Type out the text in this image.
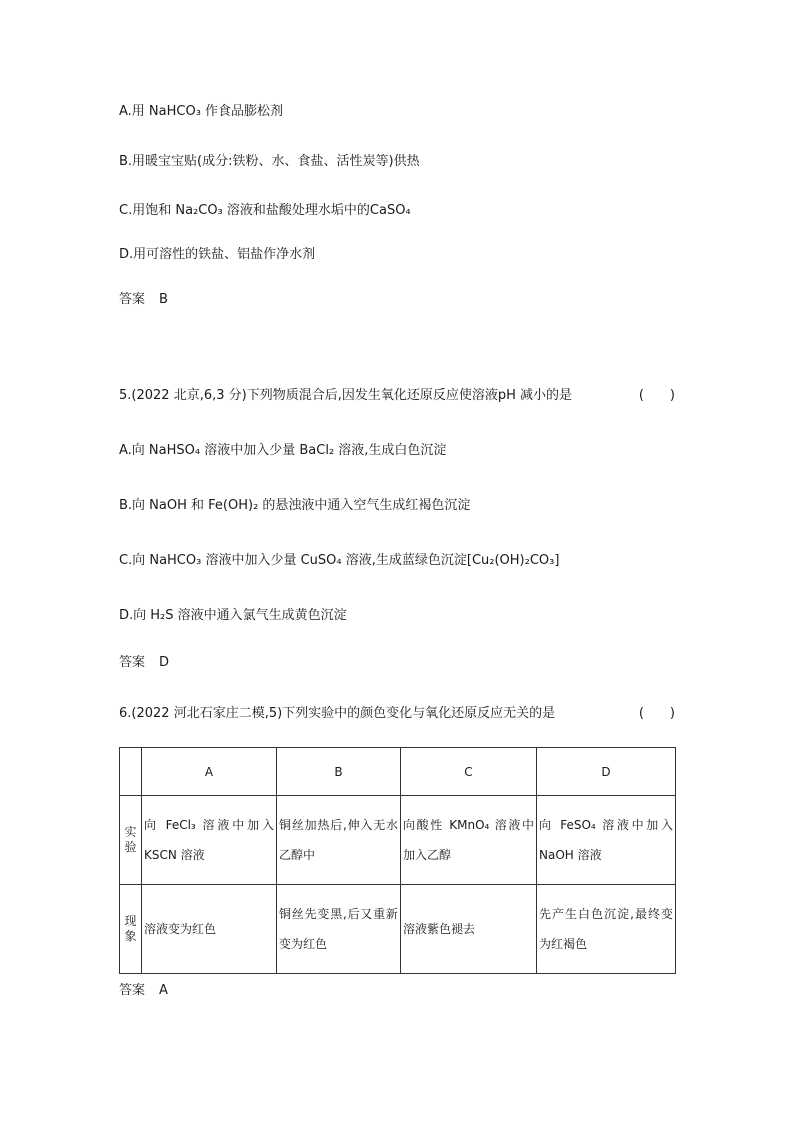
A.用 NaHCO₃ 作食品膨松剂
B.用暖宝宝贴(成分:铁粉、水、食盐、活性炭等)供热
C.用饱和 Na₂CO₃ 溶液和盐酸处理水垢中的CaSO₄
D.用可溶性的铁盐、铝盐作净水剂
答案 B
5.(2022 北京,6,3 分)下列物质混合后,因发生氧化还原反应使溶液pH 减小的是	(　　)
A.向 NaHSO₄ 溶液中加入少量 BaCl₂ 溶液,生成白色沉淀
B.向 NaOH 和 Fe(OH)₂ 的悬浊液中通入空气生成红褐色沉淀
C.向 NaHCO₃ 溶液中加入少量 CuSO₄ 溶液,生成蓝绿色沉淀[Cu₂(OH)₂CO₃]
D.向 H₂S 溶液中通入氯气生成黄色沉淀
答案 D
6.(2022 河北石家庄二模,5)下列实验中的颜色变化与氧化还原反应无关的是	(　　)
	A	B	C	D
实验	向 FeCl₃ 溶液中加入 KSCN 溶液	铜丝加热后,伸入无水乙醇中	向酸性 KMnO₄ 溶液中加入乙醇	向 FeSO₄ 溶液中加入 NaOH 溶液
现象	溶液变为红色	铜丝先变黑,后又重新变为红色	溶液紫色褪去	先产生白色沉淀,最终变为红褐色
答案 A
